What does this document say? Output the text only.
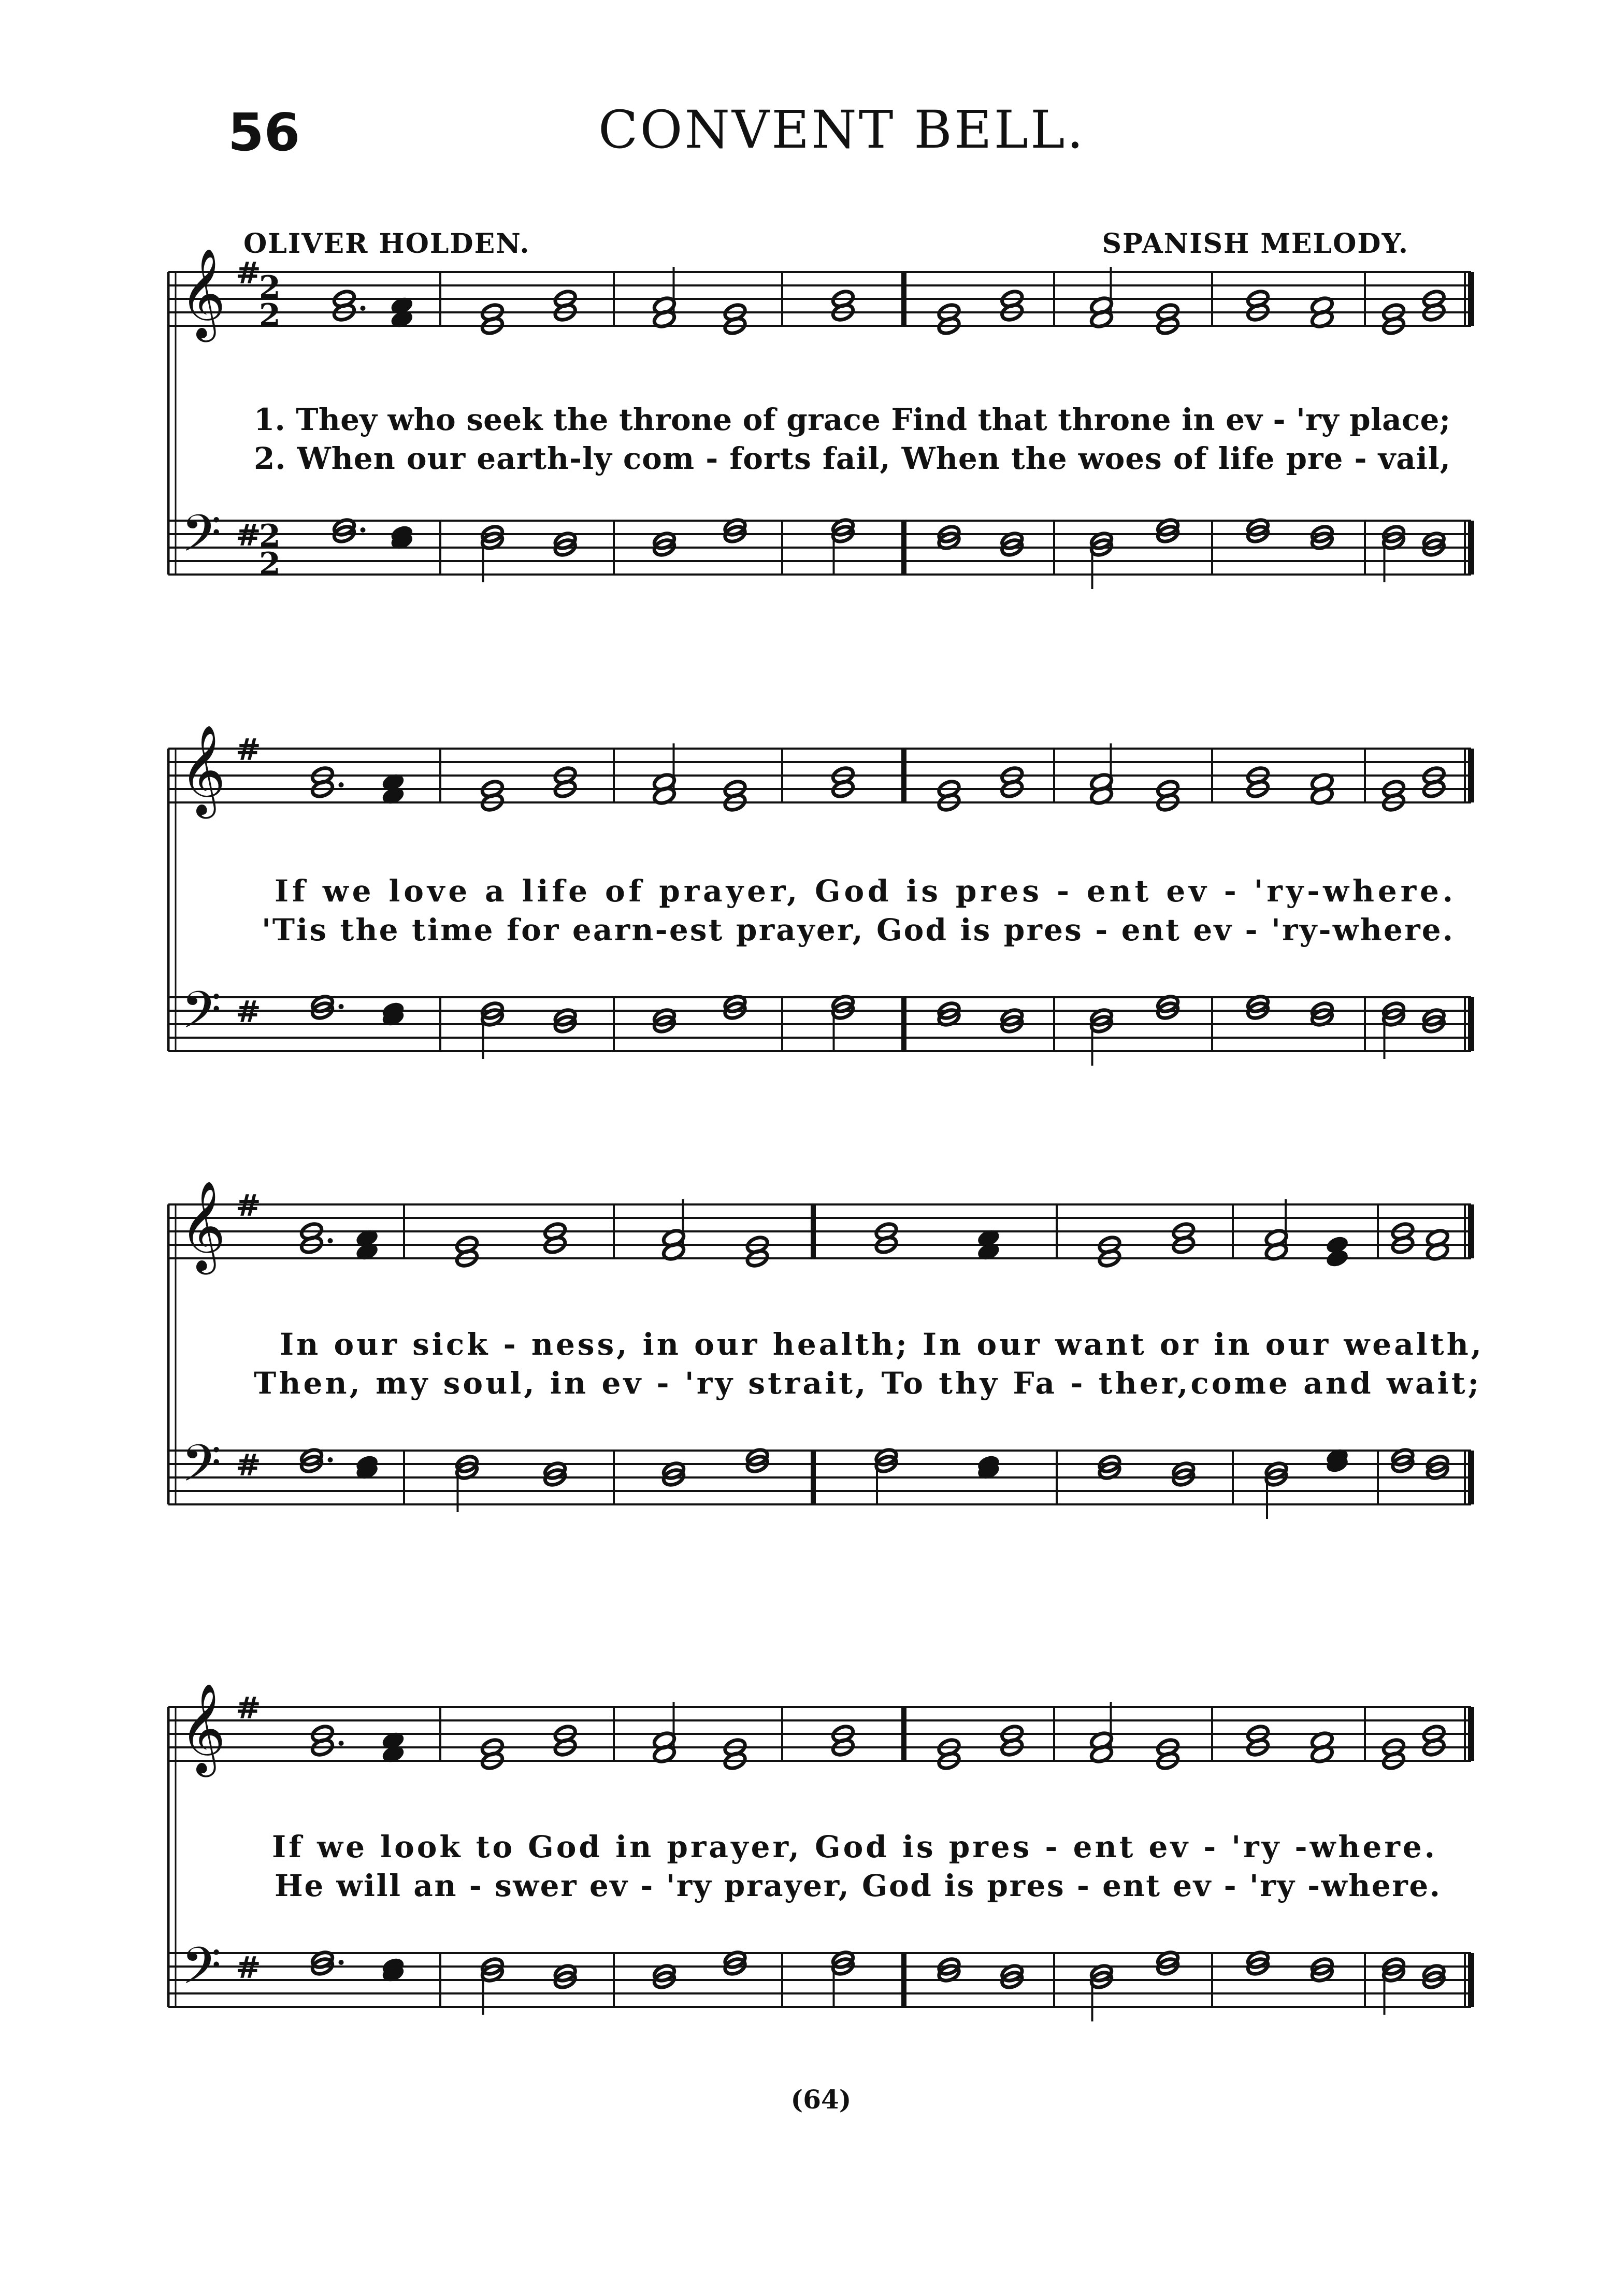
56	CONVENT BELL.
OLIVER HOLDEN.	SPANISH MELODY.
𝄞
𝄢
#
#
2
2
2
2
𝄞
𝄢
#
#
𝄞
𝄢
#
#
𝄞
𝄢
#
#
1. They who seek the throne of grace Find that throne in ev - 'ry place;
2. When our earth-ly com - forts fail, When the woes of life pre - vail,
If we love a life of prayer, God is pres - ent ev - 'ry-where.
'Tis the time for earn-est prayer, God is pres - ent ev - 'ry-where.
In our sick - ness, in our health; In our want or in our wealth,
Then, my soul, in ev - 'ry strait, To thy Fa - ther,come and wait;
If we look to God in prayer, God is pres - ent ev - 'ry -where.
He will an - swer ev - 'ry prayer, God is pres - ent ev - 'ry -where.
(64)
